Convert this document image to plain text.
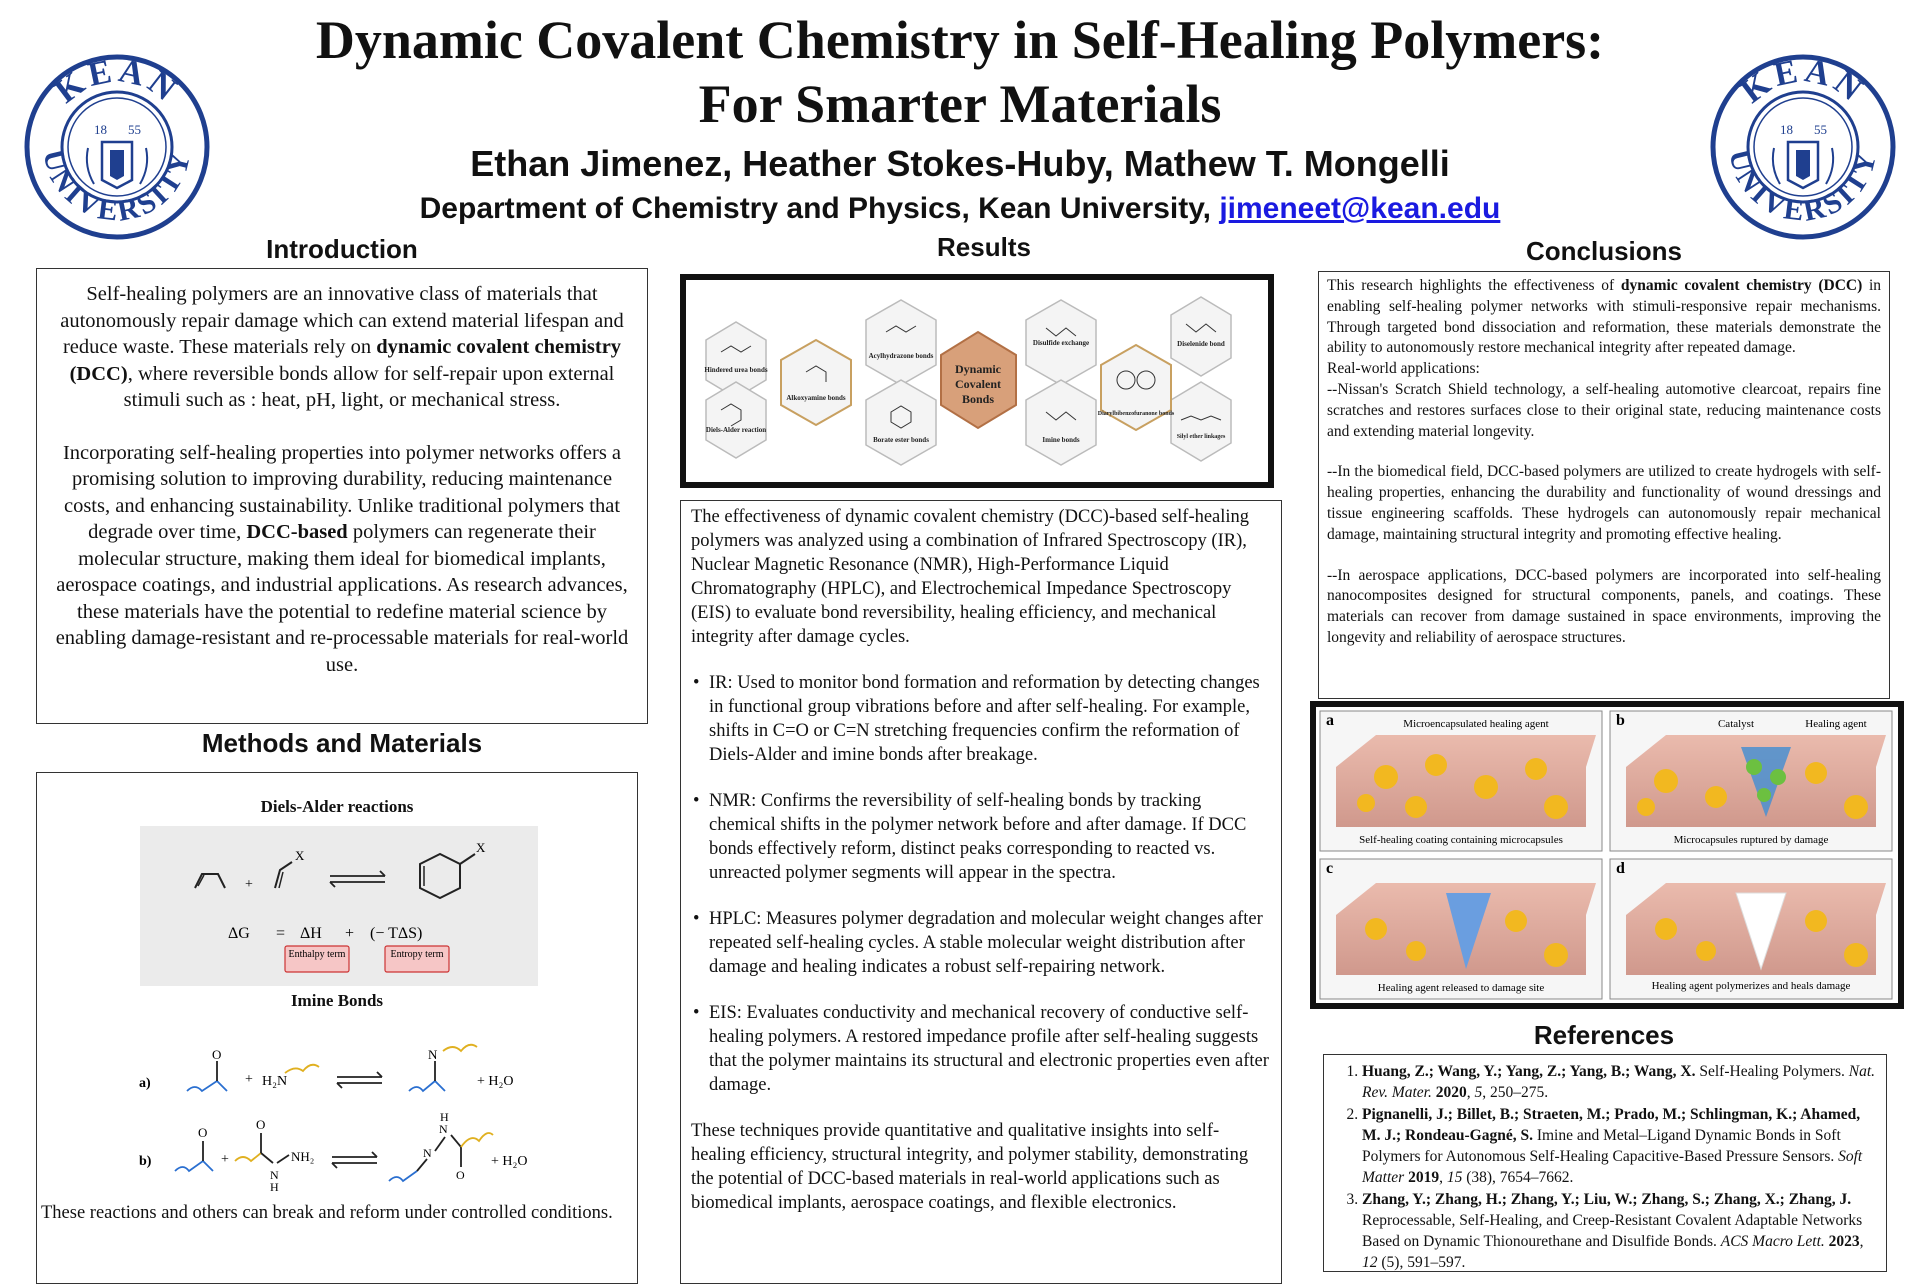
KEAN
UNIVERSITY
18 55
KEAN
UNIVERSITY
18 55
Dynamic Covalent Chemistry in Self-Healing Polymers:
For Smarter Materials
Ethan Jimenez, Heather Stokes-Huby, Mathew T. Mongelli
Department of Chemistry and Physics, Kean University, jimeneet@kean.edu
Introduction

Self-healing polymers are an innovative class of materials that autonomously repair damage which can extend material lifespan and reduce waste. These materials rely on dynamic covalent chemistry (DCC), where reversible bonds allow for self-repair upon external stimuli such as : heat, pH, light, or mechanical stress.

Incorporating self-healing properties into polymer networks offers a promising solution to improving durability, reducing maintenance costs, and enhancing sustainability. Unlike traditional polymers that degrade over time, DCC-based polymers can regenerate their molecular structure, making them ideal for biomedical implants, aerospace coatings, and industrial applications. As research advances, these materials have the potential to redefine material science by enabling damage-resistant and re-processable materials for real-world use.

Methods and Materials
Diels-Alder reactions
+
X
X
ΔG = ΔH + (− TΔS)
Enthalpy term	Entropy term
Imine Bonds
a)
O
+ H₂N
N
+ H₂O
b)
O
+
O
N
H
NH₂	N
N
H
O
+ H₂O
These reactions and others can break and reform under controlled conditions.
Results
Dynamic Covalent Bonds
Hindered urea bonds
Alkoxyamine bonds
Acylhydrazone bonds
Disulfide exchange	Diselenide bond
Diels-Alder reaction
Borate ester bonds	Imine bonds
Diarylbibenzofuranone bonds
Silyl ether linkages

The effectiveness of dynamic covalent chemistry (DCC)-based self-healing polymers was analyzed using a combination of Infrared Spectroscopy (IR), Nuclear Magnetic Resonance (NMR), High-Performance Liquid Chromatography (HPLC), and Electrochemical Impedance Spectroscopy (EIS) to evaluate bond reversibility, healing efficiency, and mechanical integrity after damage cycles.

• IR: Used to monitor bond formation and reformation by detecting changes in functional group vibrations before and after self-healing. For example, shifts in C=O or C=N stretching frequencies confirm the reformation of Diels-Alder and imine bonds after breakage.
• NMR: Confirms the reversibility of self-healing bonds by tracking chemical shifts in the polymer network before and after damage. If DCC bonds effectively reform, distinct peaks corresponding to reacted vs. unreacted polymer segments will appear in the spectra.
• HPLC: Measures polymer degradation and molecular weight changes after repeated self-healing cycles. A stable molecular weight distribution after damage and healing indicates a robust self-repairing network.
• EIS: Evaluates conductivity and mechanical recovery of conductive self-healing polymers. A restored impedance profile after self-healing suggests that the polymer maintains its structural and electronic properties even after damage.

These techniques provide quantitative and qualitative insights into self-healing efficiency, structural integrity, and polymer stability, demonstrating the potential of DCC-based materials in real-world applications such as biomedical implants, aerospace coatings, and flexible electronics.

Conclusions

This research highlights the effectiveness of dynamic covalent chemistry (DCC) in enabling self-healing polymer networks with stimuli-responsive repair mechanisms. Through targeted bond dissociation and reformation, these materials demonstrate the ability to autonomously restore mechanical integrity after repeated damage.

Real-world applications:

--Nissan's Scratch Shield technology, a self-healing automotive clearcoat, repairs fine scratches and restores surfaces close to their original state, reducing maintenance costs and extending material longevity.

--In the biomedical field, DCC-based polymers are utilized to create hydrogels with self-healing properties, enhancing the durability and functionality of wound dressings and tissue engineering scaffolds. These hydrogels can autonomously repair mechanical damage, maintaining structural integrity and promoting effective healing.

--In aerospace applications, DCC-based polymers are incorporated into self-healing nanocomposites designed for structural components, panels, and coatings. These materials can recover from damage sustained in space environments, improving the longevity and reliability of aerospace structures.

a	Microencapsulated healing agent
Self-healing coating containing microcapsules
b	Catalyst	Healing agent
Microcapsules ruptured by damage
c
Healing agent released to damage site
d
Healing agent polymerizes and heals damage
References
1. Huang, Z.; Wang, Y.; Yang, Z.; Yang, B.; Wang, X. Self-Healing Polymers. Nat. Rev. Mater. 2020, 5, 250–275.
2. Pignanelli, J.; Billet, B.; Straeten, M.; Prado, M.; Schlingman, K.; Ahamed, M. J.; Rondeau-Gagné, S. Imine and Metal–Ligand Dynamic Bonds in Soft Polymers for Autonomous Self-Healing Capacitive-Based Pressure Sensors. Soft Matter 2019, 15 (38), 7654–7662.
3. Zhang, Y.; Zhang, H.; Zhang, Y.; Liu, W.; Zhang, S.; Zhang, X.; Zhang, J. Reprocessable, Self-Healing, and Creep-Resistant Covalent Adaptable Networks Based on Dynamic Thionourethane and Disulfide Bonds. ACS Macro Lett. 2023, 12 (5), 591–597.
